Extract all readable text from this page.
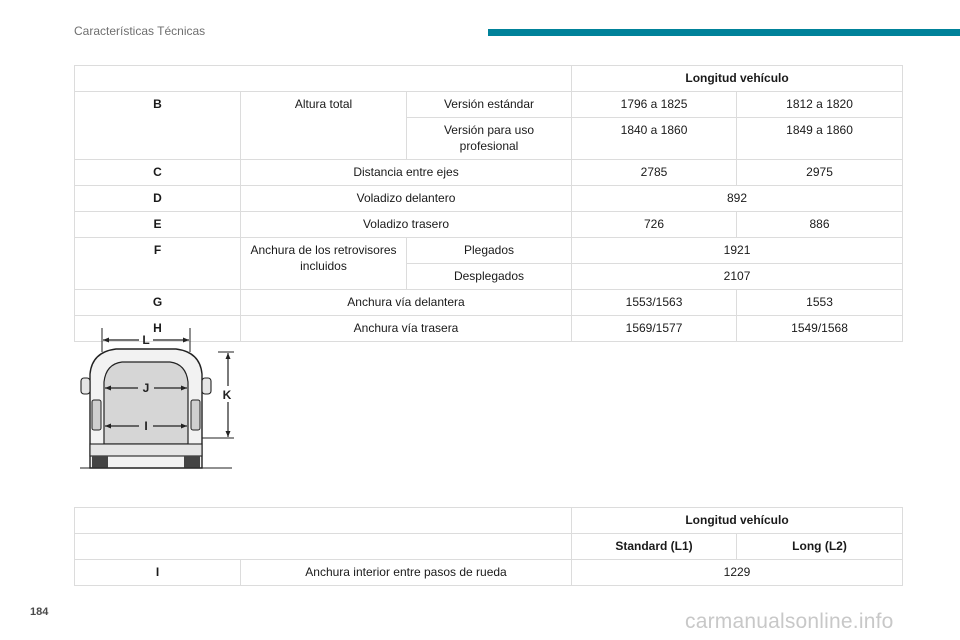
Características Técnicas
			Longitud vehículo	
B	Altura total	Versión estándar	1796 a 1825	1812 a 1820
		Versión para uso profesional	1840 a 1860	1849 a 1860
C	Distancia entre ejes		2785	2975
D	Voladizo delantero		892	
E	Voladizo trasero		726	886
F	Anchura de los retrovisores incluidos	Plegados	1921	
		Desplegados	2107	
G	Anchura vía delantera		1553/1563	1553
H	Anchura vía trasera		1569/1577	1549/1568
L
J
I
K
		Longitud vehículo	
		Standard (L1)	Long (L2)
I	Anchura interior entre pasos de rueda	1229	
184	carmanualsonline.info
